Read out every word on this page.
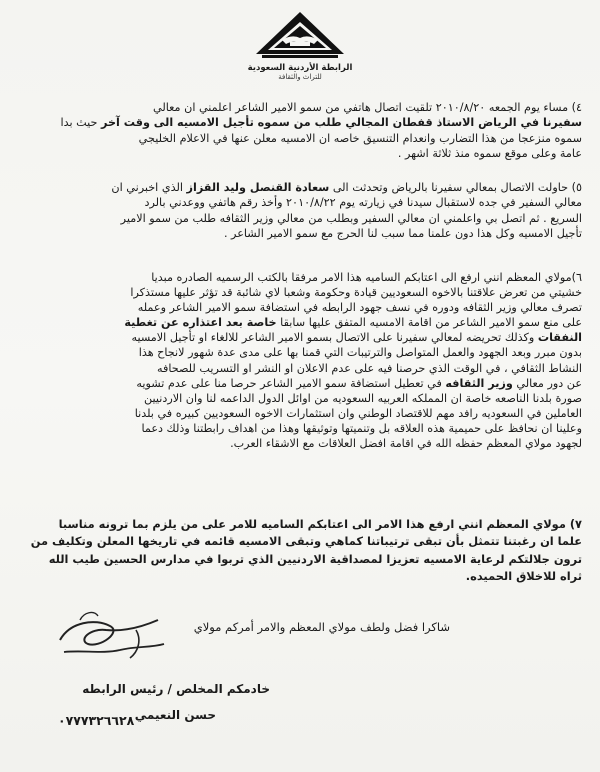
الرابطة الأردنية السعودية
للتراث والثقافة

٤) مساء يوم الجمعه ٢٠١٠/٨/٢٠ تلقيت اتصال هاتفي من سمو الامير الشاعر اعلمني ان معالي

سفيرنا في الرياض الاستاذ قفطان المجالي طلب من سموه تأجيل الامسيه الى وقت آخر حيث بدا

سموه منزعجا من هذا التضارب وانعدام التنسيق خاصه ان الامسيه معلن عنها في الاعلام الخليجي

عامة وعلى موقع سموه منذ ثلاثة اشهر .

٥) حاولت الاتصال بمعالي سفيرنا بالرياض وتحدثت الى سعادة القنصل وليد القزاز الذي اخبرني ان

معالي السفير في جده لاستقبال سيدنا في زيارته يوم ٢٠١٠/٨/٢٢ وأخذ رقم هاتفي ووعدني بالرد

السريع . ثم اتصل بي واعلمني ان معالي السفير وبطلب من معالي وزير الثقافه طلب من سمو الامير

تأجيل الامسيه وكل هذا دون علمنا مما سبب لنا الحرج مع سمو الامير الشاعر .

٦)مولاي المعظم انني ارفع الى اعتابكم الساميه هذا الامر مرفقا بالكتب الرسميه الصادره مبديا

خشيتي من تعرض علاقتنا بالاخوه السعوديين قيادة وحكومة وشعبا لاي شائبة قد تؤثر عليها مستذكرا

تصرف معالي وزير الثقافه ودوره في نسف جهود الرابطه في استضافة سمو الامير الشاعر وعمله

على منع سمو الامير الشاعر من اقامة الامسيه المتفق عليها سابقا خاصة بعد اعتذاره عن تغطية

النفقات وكذلك تحريضه لمعالي سفيرنا على الاتصال بسمو الامير الشاعر للالغاء او تأجيل الامسيه

بدون مبرر وبعد الجهود والعمل المتواصل والترتيبات التي قمنا بها على مدى عدة شهور لانجاح هذا

النشاط الثقافي ، في الوقت الذي حرصنا فيه على عدم الاعلان او النشر او التسريب للصحافه

عن دور معالي وزير الثقافه في تعطيل استضافة سمو الامير الشاعر حرصا منا على عدم تشويه

صورة بلدنا الناصعه خاصة ان المملكه العربيه السعوديه من اوائل الدول الداعمه لنا وان الاردنيين

العاملين في السعوديه رافد مهم للاقتصاد الوطني وان استثمارات الاخوه السعوديين كبيره في بلدنا

وعلينا ان نحافظ على حميمية هذه العلاقه بل وتنميتها وتوثيقها وهذا من اهداف رابطتنا وذلك دعما

لجهود مولاي المعظم حفظه الله في اقامة افضل العلاقات مع الاشقاء العرب.

٧) مولاي المعظم انني ارفع هذا الامر الى اعتابكم الساميه للامر على من يلزم بما ترونه مناسبا

علما ان رغبتنا تتمثل بأن تبقى ترتيباتنا كماهي وتبقى الامسيه قائمه في تاريخها المعلن وتكليف من

ترون جلالتكم لرعاية الامسيه تعزيزا لمصداقية الاردنيين الذي تربوا في مدارس الحسين طيب الله

ثراه للاخلاق الحميده.

شاكرا فضل ولطف مولاي المعظم والامر أمركم مولاي
خادمكم المخلص / رئيس الرابطه
حسن النعيمي
٠٧٧٧٣٢٦٦٢٨
